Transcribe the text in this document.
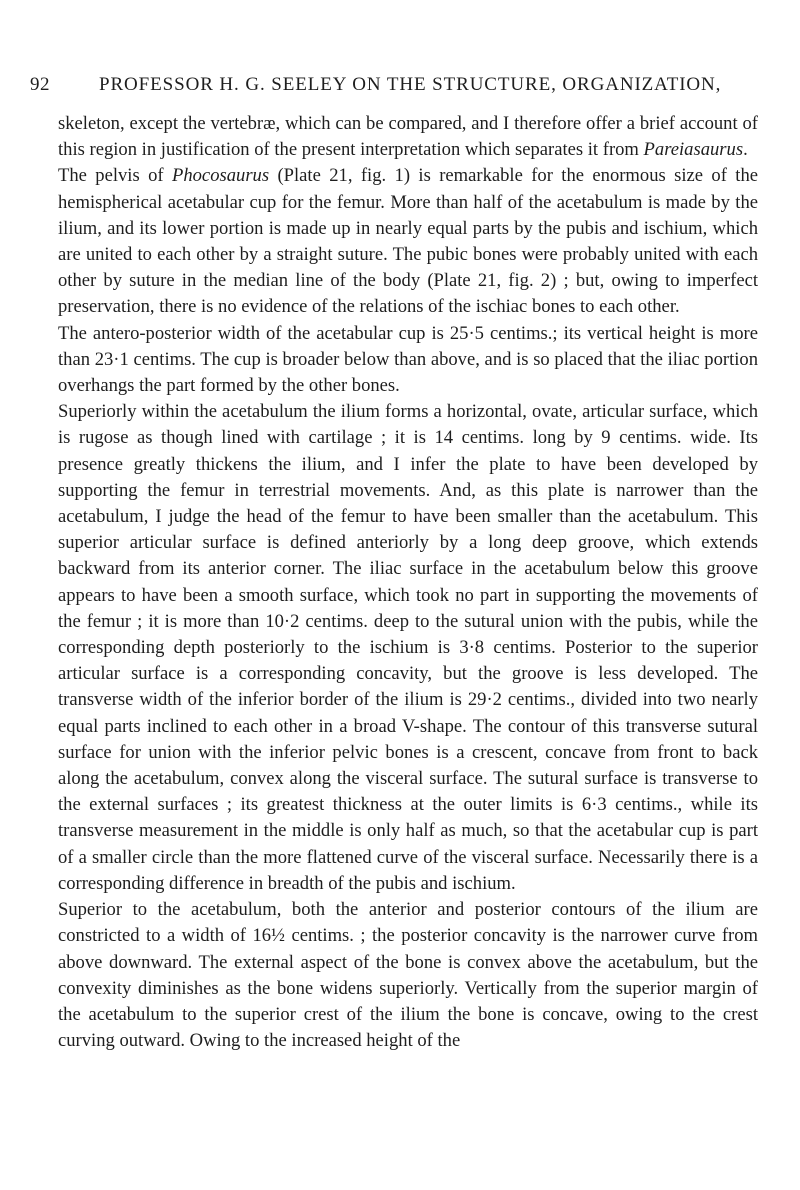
92	PROFESSOR H. G. SEELEY ON THE STRUCTURE, ORGANIZATION,

skeleton, except the vertebræ, which can be compared, and I therefore offer a brief account of this region in justification of the present interpretation which separates it from Pareiasaurus.

The pelvis of Phocosaurus (Plate 21, fig. 1) is remarkable for the enormous size of the hemispherical acetabular cup for the femur. More than half of the acetabulum is made by the ilium, and its lower portion is made up in nearly equal parts by the pubis and ischium, which are united to each other by a straight suture. The pubic bones were probably united with each other by suture in the median line of the body (Plate 21, fig. 2) ; but, owing to imperfect preservation, there is no evidence of the relations of the ischiac bones to each other.

The antero-posterior width of the acetabular cup is 25·5 centims.; its vertical height is more than 23·1 centims. The cup is broader below than above, and is so placed that the iliac portion overhangs the part formed by the other bones.

Superiorly within the acetabulum the ilium forms a horizontal, ovate, articular surface, which is rugose as though lined with cartilage ; it is 14 centims. long by 9 centims. wide. Its presence greatly thickens the ilium, and I infer the plate to have been developed by supporting the femur in terrestrial movements. And, as this plate is narrower than the acetabulum, I judge the head of the femur to have been smaller than the acetabulum. This superior articular surface is defined anteriorly by a long deep groove, which extends backward from its anterior corner. The iliac surface in the acetabulum below this groove appears to have been a smooth surface, which took no part in supporting the movements of the femur ; it is more than 10·2 centims. deep to the sutural union with the pubis, while the corresponding depth posteriorly to the ischium is 3·8 centims. Posterior to the superior articular surface is a corresponding concavity, but the groove is less developed. The transverse width of the inferior border of the ilium is 29·2 centims., divided into two nearly equal parts inclined to each other in a broad V-shape. The contour of this transverse sutural surface for union with the inferior pelvic bones is a crescent, concave from front to back along the acetabulum, convex along the visceral surface. The sutural surface is transverse to the external surfaces ; its greatest thickness at the outer limits is 6·3 centims., while its transverse measurement in the middle is only half as much, so that the acetabular cup is part of a smaller circle than the more flattened curve of the visceral surface. Necessarily there is a corresponding difference in breadth of the pubis and ischium.

Superior to the acetabulum, both the anterior and posterior contours of the ilium are constricted to a width of 16½ centims. ; the posterior concavity is the narrower curve from above downward. The external aspect of the bone is convex above the acetabulum, but the convexity diminishes as the bone widens superiorly. Vertically from the superior margin of the acetabulum to the superior crest of the ilium the bone is concave, owing to the crest curving outward. Owing to the increased height of the
